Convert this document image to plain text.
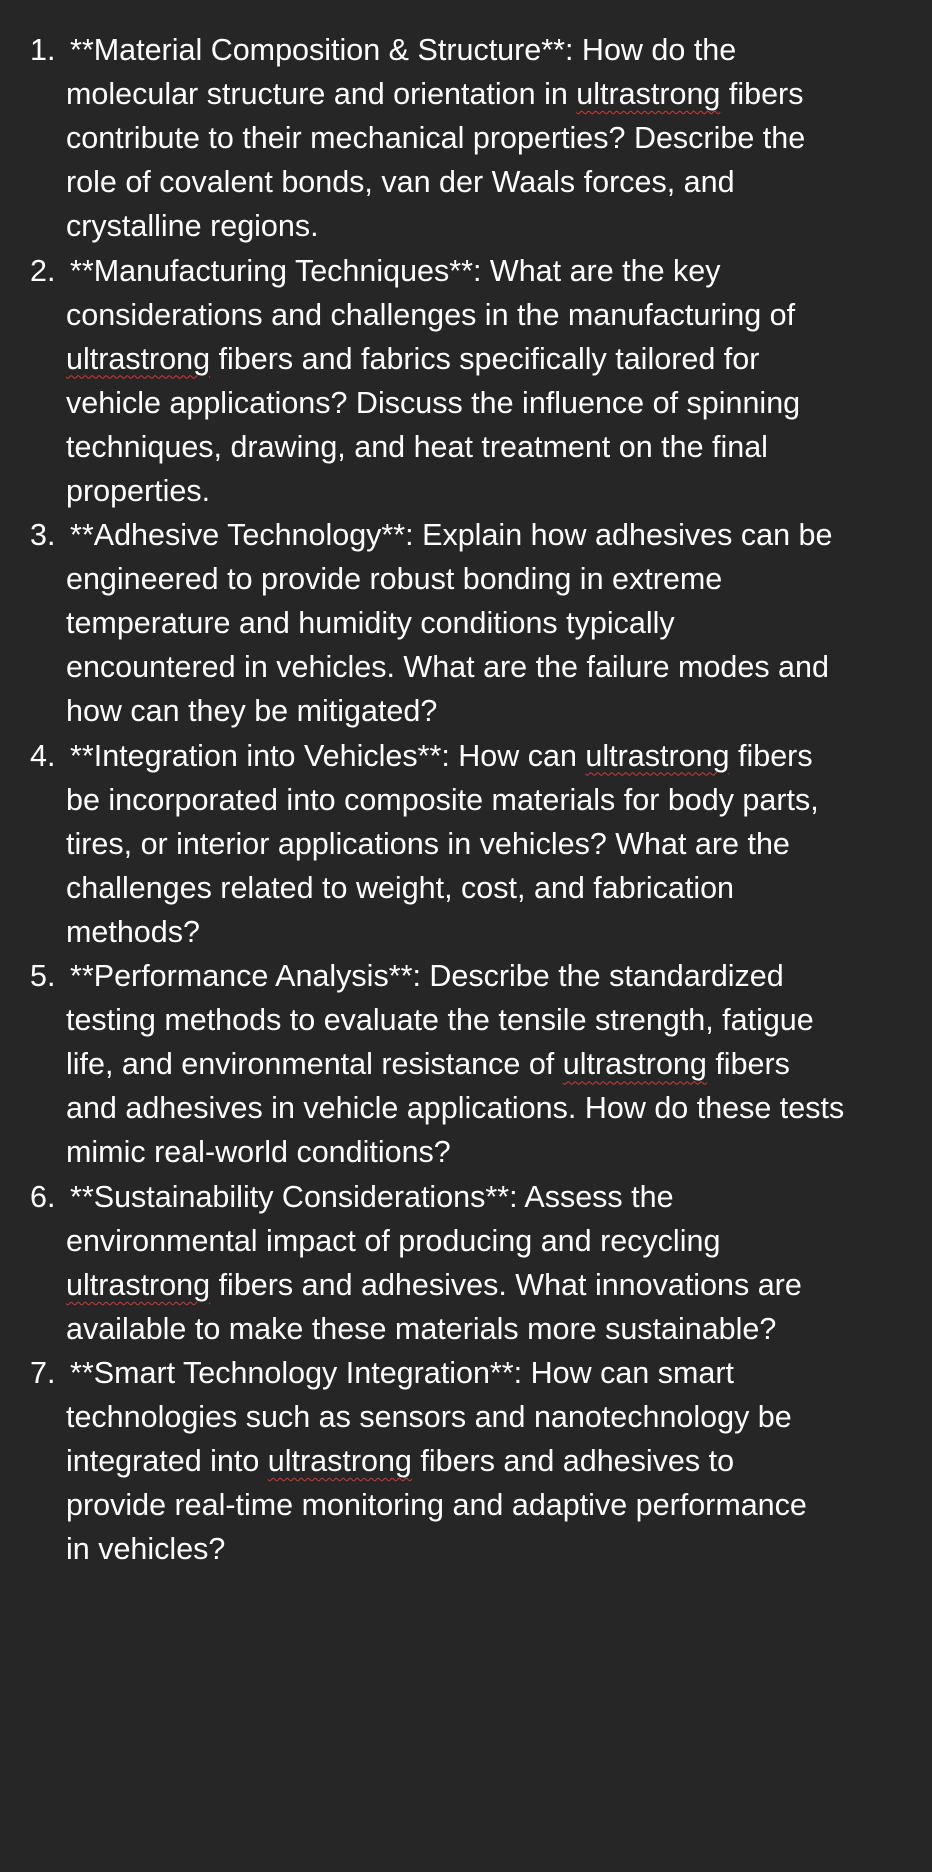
1. **Material Composition & Structure**: How do the
molecular structure and orientation in ultrastrong fibers
contribute to their mechanical properties? Describe the
role of covalent bonds, van der Waals forces, and
crystalline regions.
2. **Manufacturing Techniques**: What are the key
considerations and challenges in the manufacturing of
ultrastrong fibers and fabrics specifically tailored for
vehicle applications? Discuss the influence of spinning
techniques, drawing, and heat treatment on the final
properties.
3. **Adhesive Technology**: Explain how adhesives can be
engineered to provide robust bonding in extreme
temperature and humidity conditions typically
encountered in vehicles. What are the failure modes and
how can they be mitigated?
4. **Integration into Vehicles**: How can ultrastrong fibers
be incorporated into composite materials for body parts,
tires, or interior applications in vehicles? What are the
challenges related to weight, cost, and fabrication
methods?
5. **Performance Analysis**: Describe the standardized
testing methods to evaluate the tensile strength, fatigue
life, and environmental resistance of ultrastrong fibers
and adhesives in vehicle applications. How do these tests
mimic real-world conditions?
6. **Sustainability Considerations**: Assess the
environmental impact of producing and recycling
ultrastrong fibers and adhesives. What innovations are
available to make these materials more sustainable?
7. **Smart Technology Integration**: How can smart
technologies such as sensors and nanotechnology be
integrated into ultrastrong fibers and adhesives to
provide real-time monitoring and adaptive performance
in vehicles?
